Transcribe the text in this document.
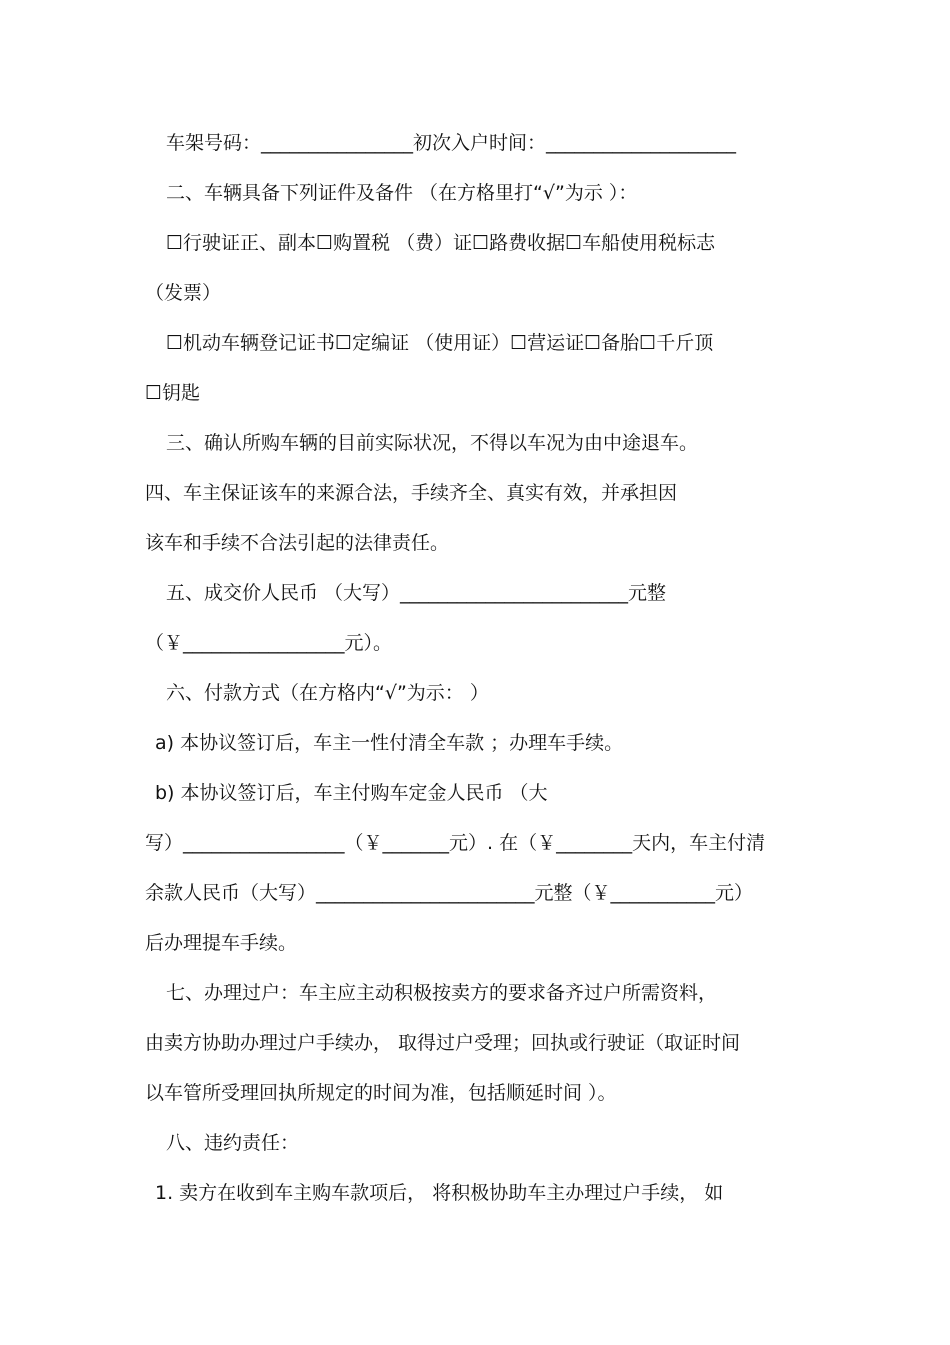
车架号码：________________初次入户时间：____________________
二、车辆具备下列证件及备件 （在方格里打“√”为示 ）：
☐行驶证正、副本☐购置税 （费）证☐路费收据☐车船使用税标志
（发票）
☐机动车辆登记证书☐定编证 （使用证）☐营运证☐备胎☐千斤顶
☐钥匙
三、确认所购车辆的目前实际状况，不得以车况为由中途退车。
四、车主保证该车的来源合法，手续齐全、真实有效，并承担因
该车和手续不合法引起的法律责任。
五、成交价人民币 （大写）________________________元整
（￥_________________元）。
六、付款方式（在方格内“√”为示： ）
a) 本协议签订后，车主一性付清全车款 ；办理车手续。
b) 本协议签订后，车主付购车定金人民币 （大
写）_________________（￥_______元）. 在（￥________天内，车主付清
余款人民币（大写）_______________________元整（￥___________元）
后办理提车手续。
七、办理过户：车主应主动积极按卖方的要求备齐过户所需资料，
由卖方协助办理过户手续办， 取得过户受理；回执或行驶证（取证时间
以车管所受理回执所规定的时间为准，包括顺延时间 ）。
八、违约责任：
1. 卖方在收到车主购车款项后， 将积极协助车主办理过户手续， 如
